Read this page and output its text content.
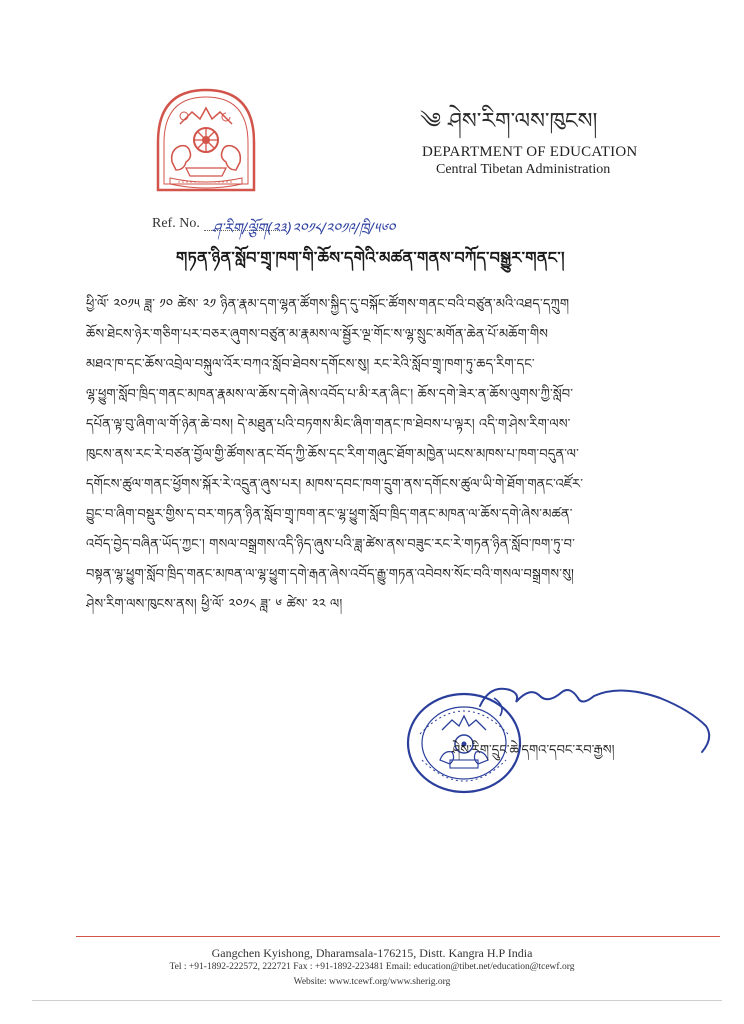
༄ ཤེས་རིག་ལས་ཁུངས།
DEPARTMENT OF EDUCATION
Central Tibetan Administration
Ref. No. ཤ་རིག/ལྕོག(༢༣)༢༠༡༨/༢༠༡༩/ཁྲི/༥༦༠
གཏན་ཉིན་སློབ་གྲྭ་ཁག་གི་ཆོས་དགེའི་མཚན་གནས་བཀོད་བསྒྱུར་གནང་།
ཕྱི་ལོ་ ༢༠༡༥ ཟླ་ ༡༠ ཚེས་ ༢༡ ཉིན་རྣམ་དག་ལྷན་ཚོགས་སྐྱིད་དུ་བསྐོང་ཚོགས་གནང་བའི་བཙུན་མའི་འཐད་དཀྲུག
ཆོས་ཐེངས་ཉེར་གཅིག་པར་བཅར་ཞུགས་བཙུན་མ་རྣམས་ལ་སྦྱོར་ལྔ་གོང་ས་ལྷ་སྲུང་མགོན་ཆེན་པོ་མཆོག་གིས
མཐའ་ཁ་དང་ཆོས་འབྲེལ་བསྐུལ་འོར་བཀའ་སློབ་ཐེབས་དགོངས་སུ། རང་རེའི་སློབ་གྲྭ་ཁག་ཏུ་ཆད་རིག་དང་
ལྷ་ཕྱུག་སློབ་ཁྲིད་གནང་མཁན་རྣམས་ལ་ཆོས་དགེ་ཞེས་འབོད་པ་མི་རན་ཞིང་། ཆོས་དགེ་ཟེར་ན་ཆོས་ལུགས་ཀྱི་སློབ་
དཔོན་ལྟ་བུ་ཞིག་ལ་གོ་ཉེན་ཆེ་བས། དེ་མཐུན་པའི་བཏགས་མིང་ཞིག་གནང་ཁ་ཐེབས་པ་ལྟར། འདི་ག་ཤེས་རིག་ལས་
ཁུངས་ནས་རང་རེ་བཙན་བྱོལ་གྱི་ཚོགས་ནང་བོད་ཀྱི་ཆོས་དང་རིག་གཞུང་ཐོག་མཁྱེན་ཡངས་མཁས་པ་ཁག་བདུན་ལ་
དགོངས་ཚུལ་གནང་ཕྱོགས་སྐོར་རེ་འདྲུན་ཞུས་པར། མཁས་དབང་ཁག་དྲུག་ནས་དགོངས་ཚུལ་ཡི་གེ་ཐོག་གནང་འཛོར་
བྱུང་བ་ཞིག་བསྡུར་གྱིས་ད་བར་གཏན་ཉིན་སློབ་གྲྭ་ཁག་ནང་ལྷ་ཕྱུག་སློབ་ཁྲིད་གནང་མཁན་ལ་ཆོས་དགེ་ཞེས་མཚན་
འབོད་བྱེད་བཞིན་ཡོད་ཀྱང་། གསལ་བསྒྲགས་འདི་ཉིད་ཞུས་པའི་ཟླ་ཚེས་ནས་བཟུང་རང་རེ་གཏན་ཉིན་སློབ་ཁག་ཏུ་བ་
བསྟན་ལྷ་ཕྱུག་སློབ་ཁྲིད་གནང་མཁན་ལ་ལྷ་ཕྱུག་དགེ་རྒན་ཞེས་འབོད་རྒྱུ་གཏན་འབེབས་སོང་བའི་གསལ་བསྒྲགས་སུ།
ཤེས་རིག་ལས་ཁུངས་ནས། ཕྱི་ལོ་ ༢༠༡༨ ཟླ་ ༦ ཚེས་ ༢༢ ལ།
ཤེས་རིག་དྲུང་ཆེ་དགའ་དབང་རབ་རྒྱས།
Gangchen Kyishong, Dharamsala-176215, Distt. Kangra H.P India
Tel : +91-1892-222572, 222721 Fax : +91-1892-223481 Email: education@tibet.net/education@tcewf.org
Website: www.tcewf.org/www.sherig.org
